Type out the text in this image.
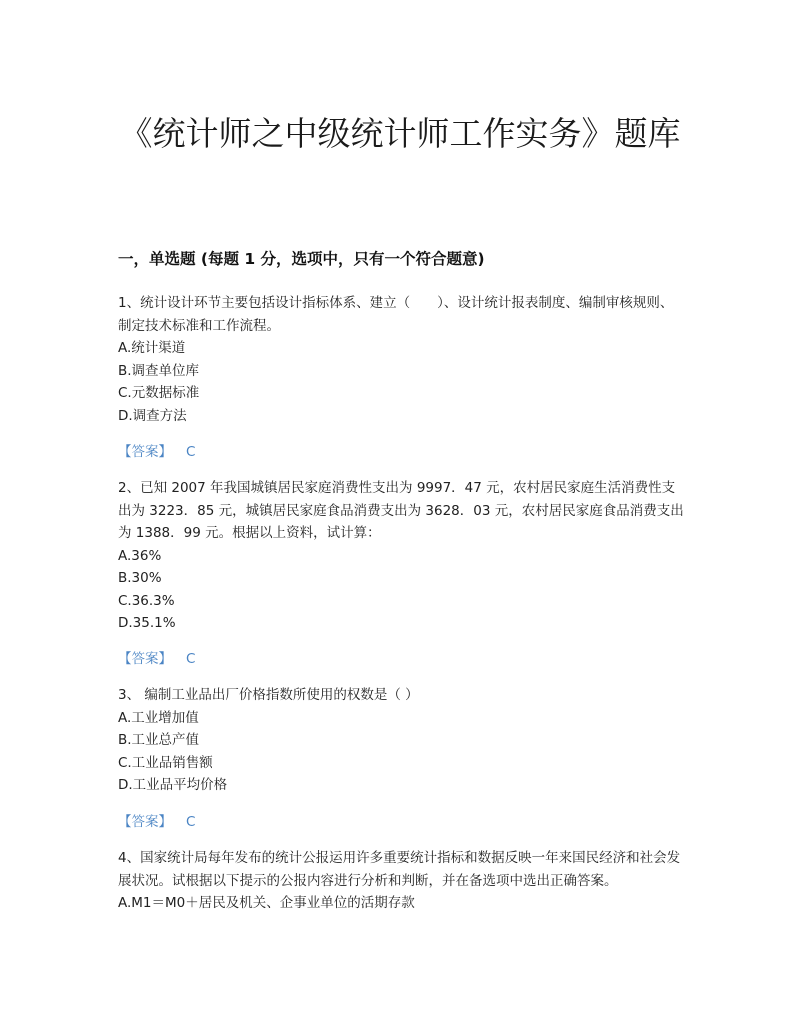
《统计师之中级统计师工作实务》题库
一，单选题 (每题 1 分，选项中，只有一个符合题意)

1、统计设计环节主要包括设计指标体系、建立（　　）、设计统计报表制度、编制审核规则、制定技术标准和工作流程。

A.统计渠道
B.调查单位库
C.元数据标准
D.调查方法
【答案】 C

2、已知 2007 年我国城镇居民家庭消费性支出为 9997．47 元，农村居民家庭生活消费性支出为 3223．85 元，城镇居民家庭食品消费支出为 3628．03 元，农村居民家庭食品消费支出为 1388．99 元。根据以上资料，试计算：

A.36%
B.30%
C.36.3%
D.35.1%
【答案】 C

3、 编制工业品出厂价格指数所使用的权数是（ ）

A.工业增加值
B.工业总产值
C.工业品销售额
D.工业品平均价格
【答案】 C

4、国家统计局每年发布的统计公报运用许多重要统计指标和数据反映一年来国民经济和社会发展状况。试根据以下提示的公报内容进行分析和判断，并在备选项中选出正确答案。

A.M1＝M0＋居民及机关、企事业单位的活期存款
